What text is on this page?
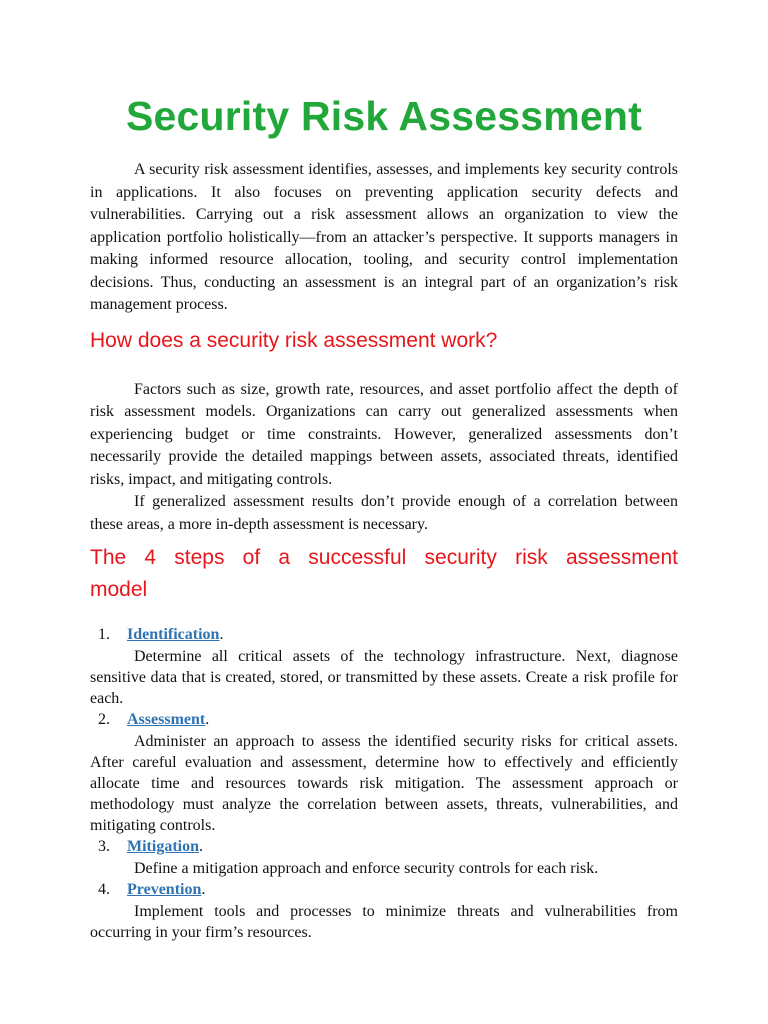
Security Risk Assessment

A security risk assessment identifies, assesses, and implements key security controls in applications. It also focuses on preventing application security defects and vulnerabilities. Carrying out a risk assessment allows an organization to view the application portfolio holistically—from an attacker’s perspective. It supports managers in making informed resource allocation, tooling, and security control implementation decisions. Thus, conducting an assessment is an integral part of an organization’s risk management process.

How does a security risk assessment work?

Factors such as size, growth rate, resources, and asset portfolio affect the depth of risk assessment models. Organizations can carry out generalized assessments when experiencing budget or time constraints. However, generalized assessments don’t necessarily provide the detailed mappings between assets, associated threats, identified risks, impact, and mitigating controls.

If generalized assessment results don’t provide enough of a correlation between these areas, a more in-depth assessment is necessary.

The 4 steps of a successful security risk assessment model
1.	Identification.

Determine all critical assets of the technology infrastructure. Next, diagnose sensitive data that is created, stored, or transmitted by these assets. Create a risk profile for each.

2.	Assessment.

Administer an approach to assess the identified security risks for critical assets. After careful evaluation and assessment, determine how to effectively and efficiently allocate time and resources towards risk mitigation. The assessment approach or methodology must analyze the correlation between assets, threats, vulnerabilities, and mitigating controls.

3.	Mitigation.

Define a mitigation approach and enforce security controls for each risk.

4.	Prevention.

Implement tools and processes to minimize threats and vulnerabilities from occurring in your firm’s resources.
